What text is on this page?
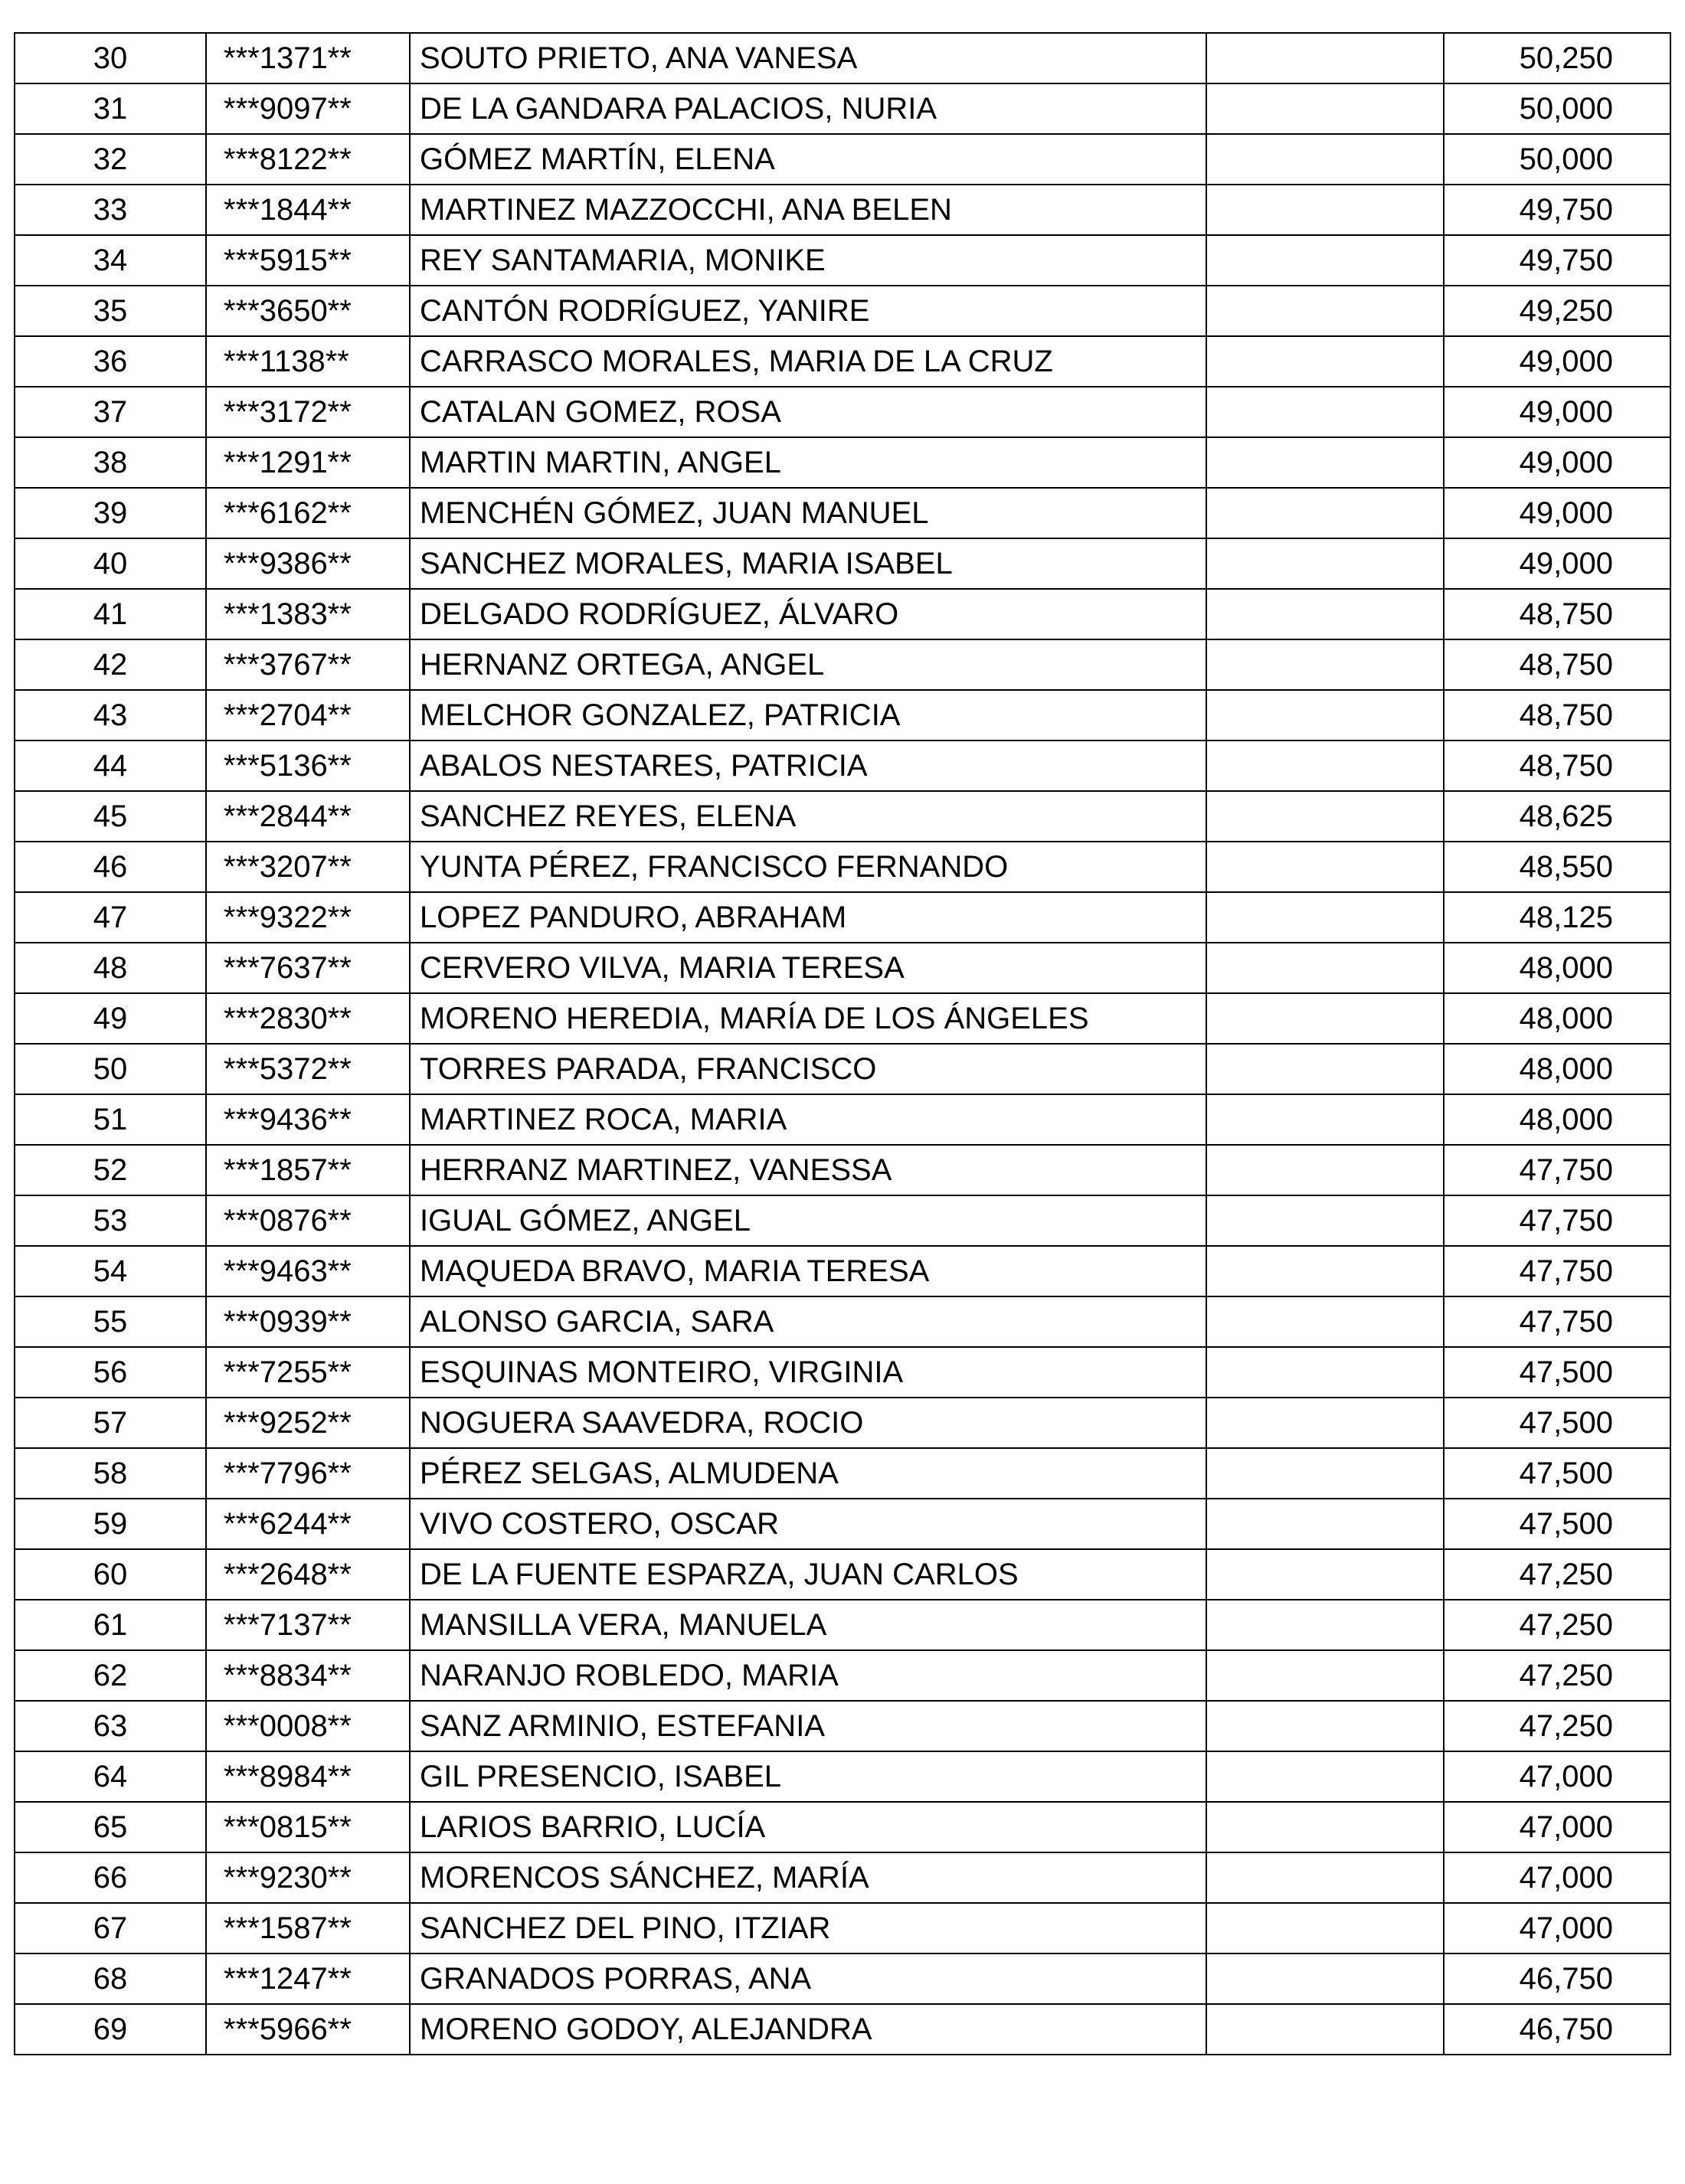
30	***1371**	SOUTO PRIETO, ANA VANESA		50,250
31	***9097**	DE LA GANDARA PALACIOS, NURIA		50,000
32	***8122**	GÓMEZ MARTÍN, ELENA		50,000
33	***1844**	MARTINEZ MAZZOCCHI, ANA BELEN		49,750
34	***5915**	REY SANTAMARIA, MONIKE		49,750
35	***3650**	CANTÓN RODRÍGUEZ, YANIRE		49,250
36	***1138**	CARRASCO MORALES, MARIA DE LA CRUZ		49,000
37	***3172**	CATALAN GOMEZ, ROSA		49,000
38	***1291**	MARTIN MARTIN, ANGEL		49,000
39	***6162**	MENCHÉN GÓMEZ, JUAN MANUEL		49,000
40	***9386**	SANCHEZ MORALES, MARIA ISABEL		49,000
41	***1383**	DELGADO RODRÍGUEZ, ÁLVARO		48,750
42	***3767**	HERNANZ ORTEGA, ANGEL		48,750
43	***2704**	MELCHOR GONZALEZ, PATRICIA		48,750
44	***5136**	ABALOS NESTARES, PATRICIA		48,750
45	***2844**	SANCHEZ REYES, ELENA		48,625
46	***3207**	YUNTA PÉREZ, FRANCISCO FERNANDO		48,550
47	***9322**	LOPEZ PANDURO, ABRAHAM		48,125
48	***7637**	CERVERO VILVA, MARIA TERESA		48,000
49	***2830**	MORENO HEREDIA, MARÍA DE LOS ÁNGELES		48,000
50	***5372**	TORRES PARADA, FRANCISCO		48,000
51	***9436**	MARTINEZ ROCA, MARIA		48,000
52	***1857**	HERRANZ MARTINEZ, VANESSA		47,750
53	***0876**	IGUAL GÓMEZ, ANGEL		47,750
54	***9463**	MAQUEDA BRAVO, MARIA TERESA		47,750
55	***0939**	ALONSO GARCIA, SARA		47,750
56	***7255**	ESQUINAS MONTEIRO, VIRGINIA		47,500
57	***9252**	NOGUERA SAAVEDRA, ROCIO		47,500
58	***7796**	PÉREZ SELGAS, ALMUDENA		47,500
59	***6244**	VIVO COSTERO, OSCAR		47,500
60	***2648**	DE LA FUENTE ESPARZA, JUAN CARLOS		47,250
61	***7137**	MANSILLA VERA, MANUELA		47,250
62	***8834**	NARANJO ROBLEDO, MARIA		47,250
63	***0008**	SANZ ARMINIO, ESTEFANIA		47,250
64	***8984**	GIL PRESENCIO, ISABEL		47,000
65	***0815**	LARIOS BARRIO, LUCÍA		47,000
66	***9230**	MORENCOS SÁNCHEZ, MARÍA		47,000
67	***1587**	SANCHEZ DEL PINO, ITZIAR		47,000
68	***1247**	GRANADOS PORRAS, ANA		46,750
69	***5966**	MORENO GODOY, ALEJANDRA		46,750
